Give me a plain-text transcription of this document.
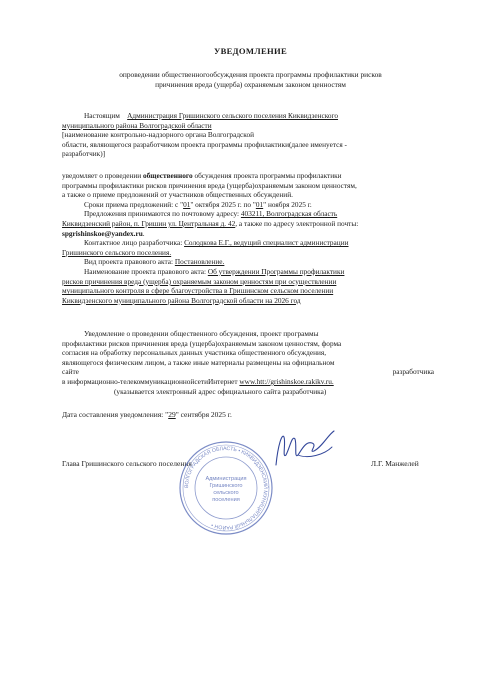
УВЕДОМЛЕНИЕ
опроведении общественногообсуждения проекта программы профилактики рисков
причинения вреда (ущерба) охраняемым законом ценностям
Настоящим Администрация Гришинского сельского поселения Киквидзенского
муниципального района Волгоградской области
[наименование контрольно-надзорного органа Волгоградской
области, являющегося разработчиком проекта программы профилактики(далее именуется -
разработчик)]
уведомляет о проведении общественного обсуждения проекта программы профилактики
программы профилактики рисков причинения вреда (ущерба)охраняемым законом ценностям,
а также о приеме предложений от участников общественных обсуждений.
Сроки приема предложений: с "01" октября 2025 г. по "01" ноября 2025 г.
Предложения принимаются по почтовому адресу: 403211, Волгоградская область
Киквидзенский район, п. Гришин ул. Центральная д. 42, а также по адресу электронной почты:
spgrishinskoe@yandex.ru.
Контактное лицо разработчика: Солодкова Е.Г., ведущий специалист администрации
Гришинского сельского поселения.
Вид проекта правового акта: Постановление.
Наименование проекта правового акта: Об утверждении Программы профилактики
рисков причинения вреда (ущерба) охраняемым законом ценностям при осуществлении
муниципального контроля в сфере благоустройства в Гришинском сельском поселении
Киквидзенского муниципального района Волгоградской области на 2026 год
Уведомление о проведении общественного обсуждения, проект программы
профилактики рисков причинения вреда (ущерба)охраняемым законом ценностям, форма
согласия на обработку персональных данных участника общественного обсуждения,
являющегося физическим лицом, а также иные материалы размещены на официальном
сайте	разработчика
в информационно-телекоммуникационнойсетиИнтернет www.htt://grishinskoe.rakikv.ru.
(указывается электронный адрес официального сайта разработчика)
Дата составления уведомления: "29" сентября 2025 г.
Глава Гришинского сельского поселения	Л.Г. Манжелей
ВОЛГОГРАДСКАЯ ОБЛАСТЬ • КИКВИДЗЕНСКИЙ МУНИЦИПАЛЬНЫЙ РАЙОН •
Администрация
Гришинского
сельского
поселения
